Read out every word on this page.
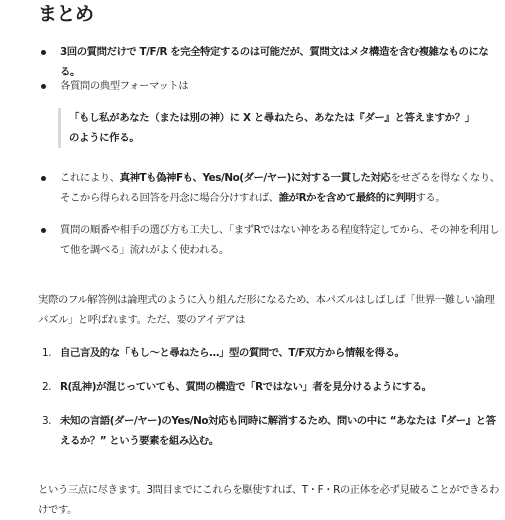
まとめ
3回の質問だけで T/F/R を完全特定するのは可能だが、質問文はメタ構造を含む複雑なものになる。
各質問の典型フォーマットは
「もし私があなた（または別の神）に X と尋ねたら、あなたは『ダー』と答えますか？」
のように作る。
これにより、真神Tも偽神Fも、Yes/No(ダー/ヤー)に対する一貫した対応をせざるを得なくなり、そこから得られる回答を丹念に場合分けすれば、誰がRかを含めて最終的に判明する。
質問の順番や相手の選び方も工夫し、「まずRではない神をある程度特定してから、その神を利用して他を調べる」流れがよく使われる。
実際のフル解答例は論理式のように入り組んだ形になるため、本パズルはしばしば「世界一難しい論理パズル」と呼ばれます。ただ、要のアイデアは
1. 自己言及的な「もし〜と尋ねたら…」型の質問で、T/F双方から情報を得る。
2. R(乱神)が混じっていても、質問の構造で「Rではない」者を見分けるようにする。
3. 未知の言語(ダー/ヤー)のYes/No対応も同時に解消するため、問いの中に “あなたは『ダー』と答えるか？” という要素を組み込む。
という三点に尽きます。3問目までにこれらを駆使すれば、T・F・Rの正体を必ず見破ることができるわけです。
